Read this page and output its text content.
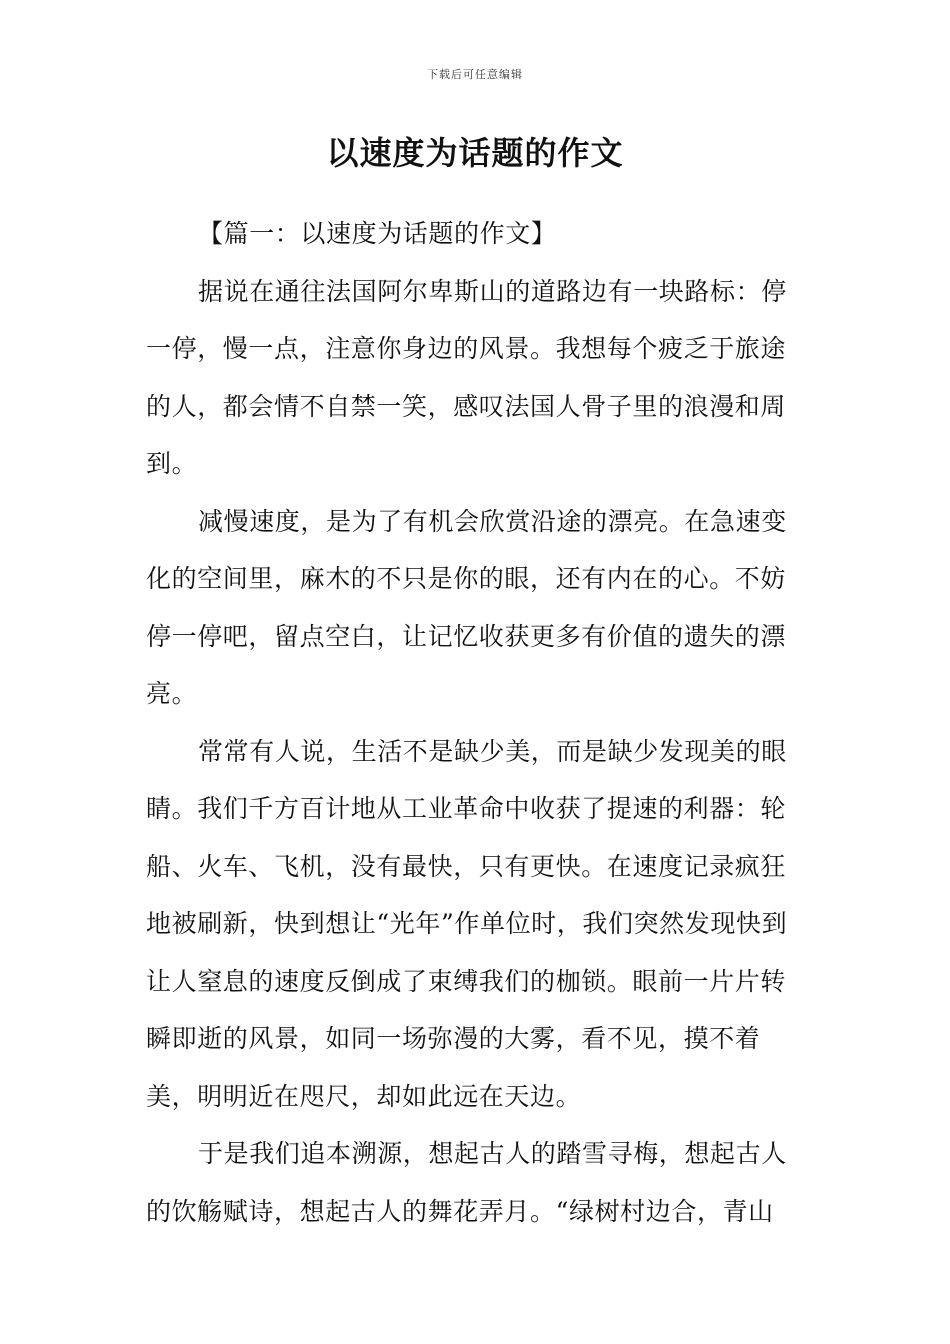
下载后可任意编辑
以速度为话题的作文
【篇一：以速度为话题的作文】

据说在通往法国阿尔卑斯山的道路边有一块路标：停一停，慢一点，注意你身边的风景。我想每个疲乏于旅途的人，都会情不自禁一笑，感叹法国人骨子里的浪漫和周到。

减慢速度，是为了有机会欣赏沿途的漂亮。在急速变化的空间里，麻木的不只是你的眼，还有内在的心。不妨停一停吧，留点空白，让记忆收获更多有价值的遗失的漂亮。

常常有人说，生活不是缺少美，而是缺少发现美的眼睛。我们千方百计地从工业革命中收获了提速的利器：轮船、火车、飞机，没有最快，只有更快。在速度记录疯狂地被刷新，快到想让“光年”作单位时，我们突然发现快到让人窒息的速度反倒成了束缚我们的枷锁。眼前一片片转瞬即逝的风景，如同一场弥漫的大雾，看不见，摸不着美，明明近在咫尺，却如此远在天边。

于是我们追本溯源，想起古人的踏雪寻梅，想起古人的饮觞赋诗，想起古人的舞花弄月。“绿树村边合，青山
